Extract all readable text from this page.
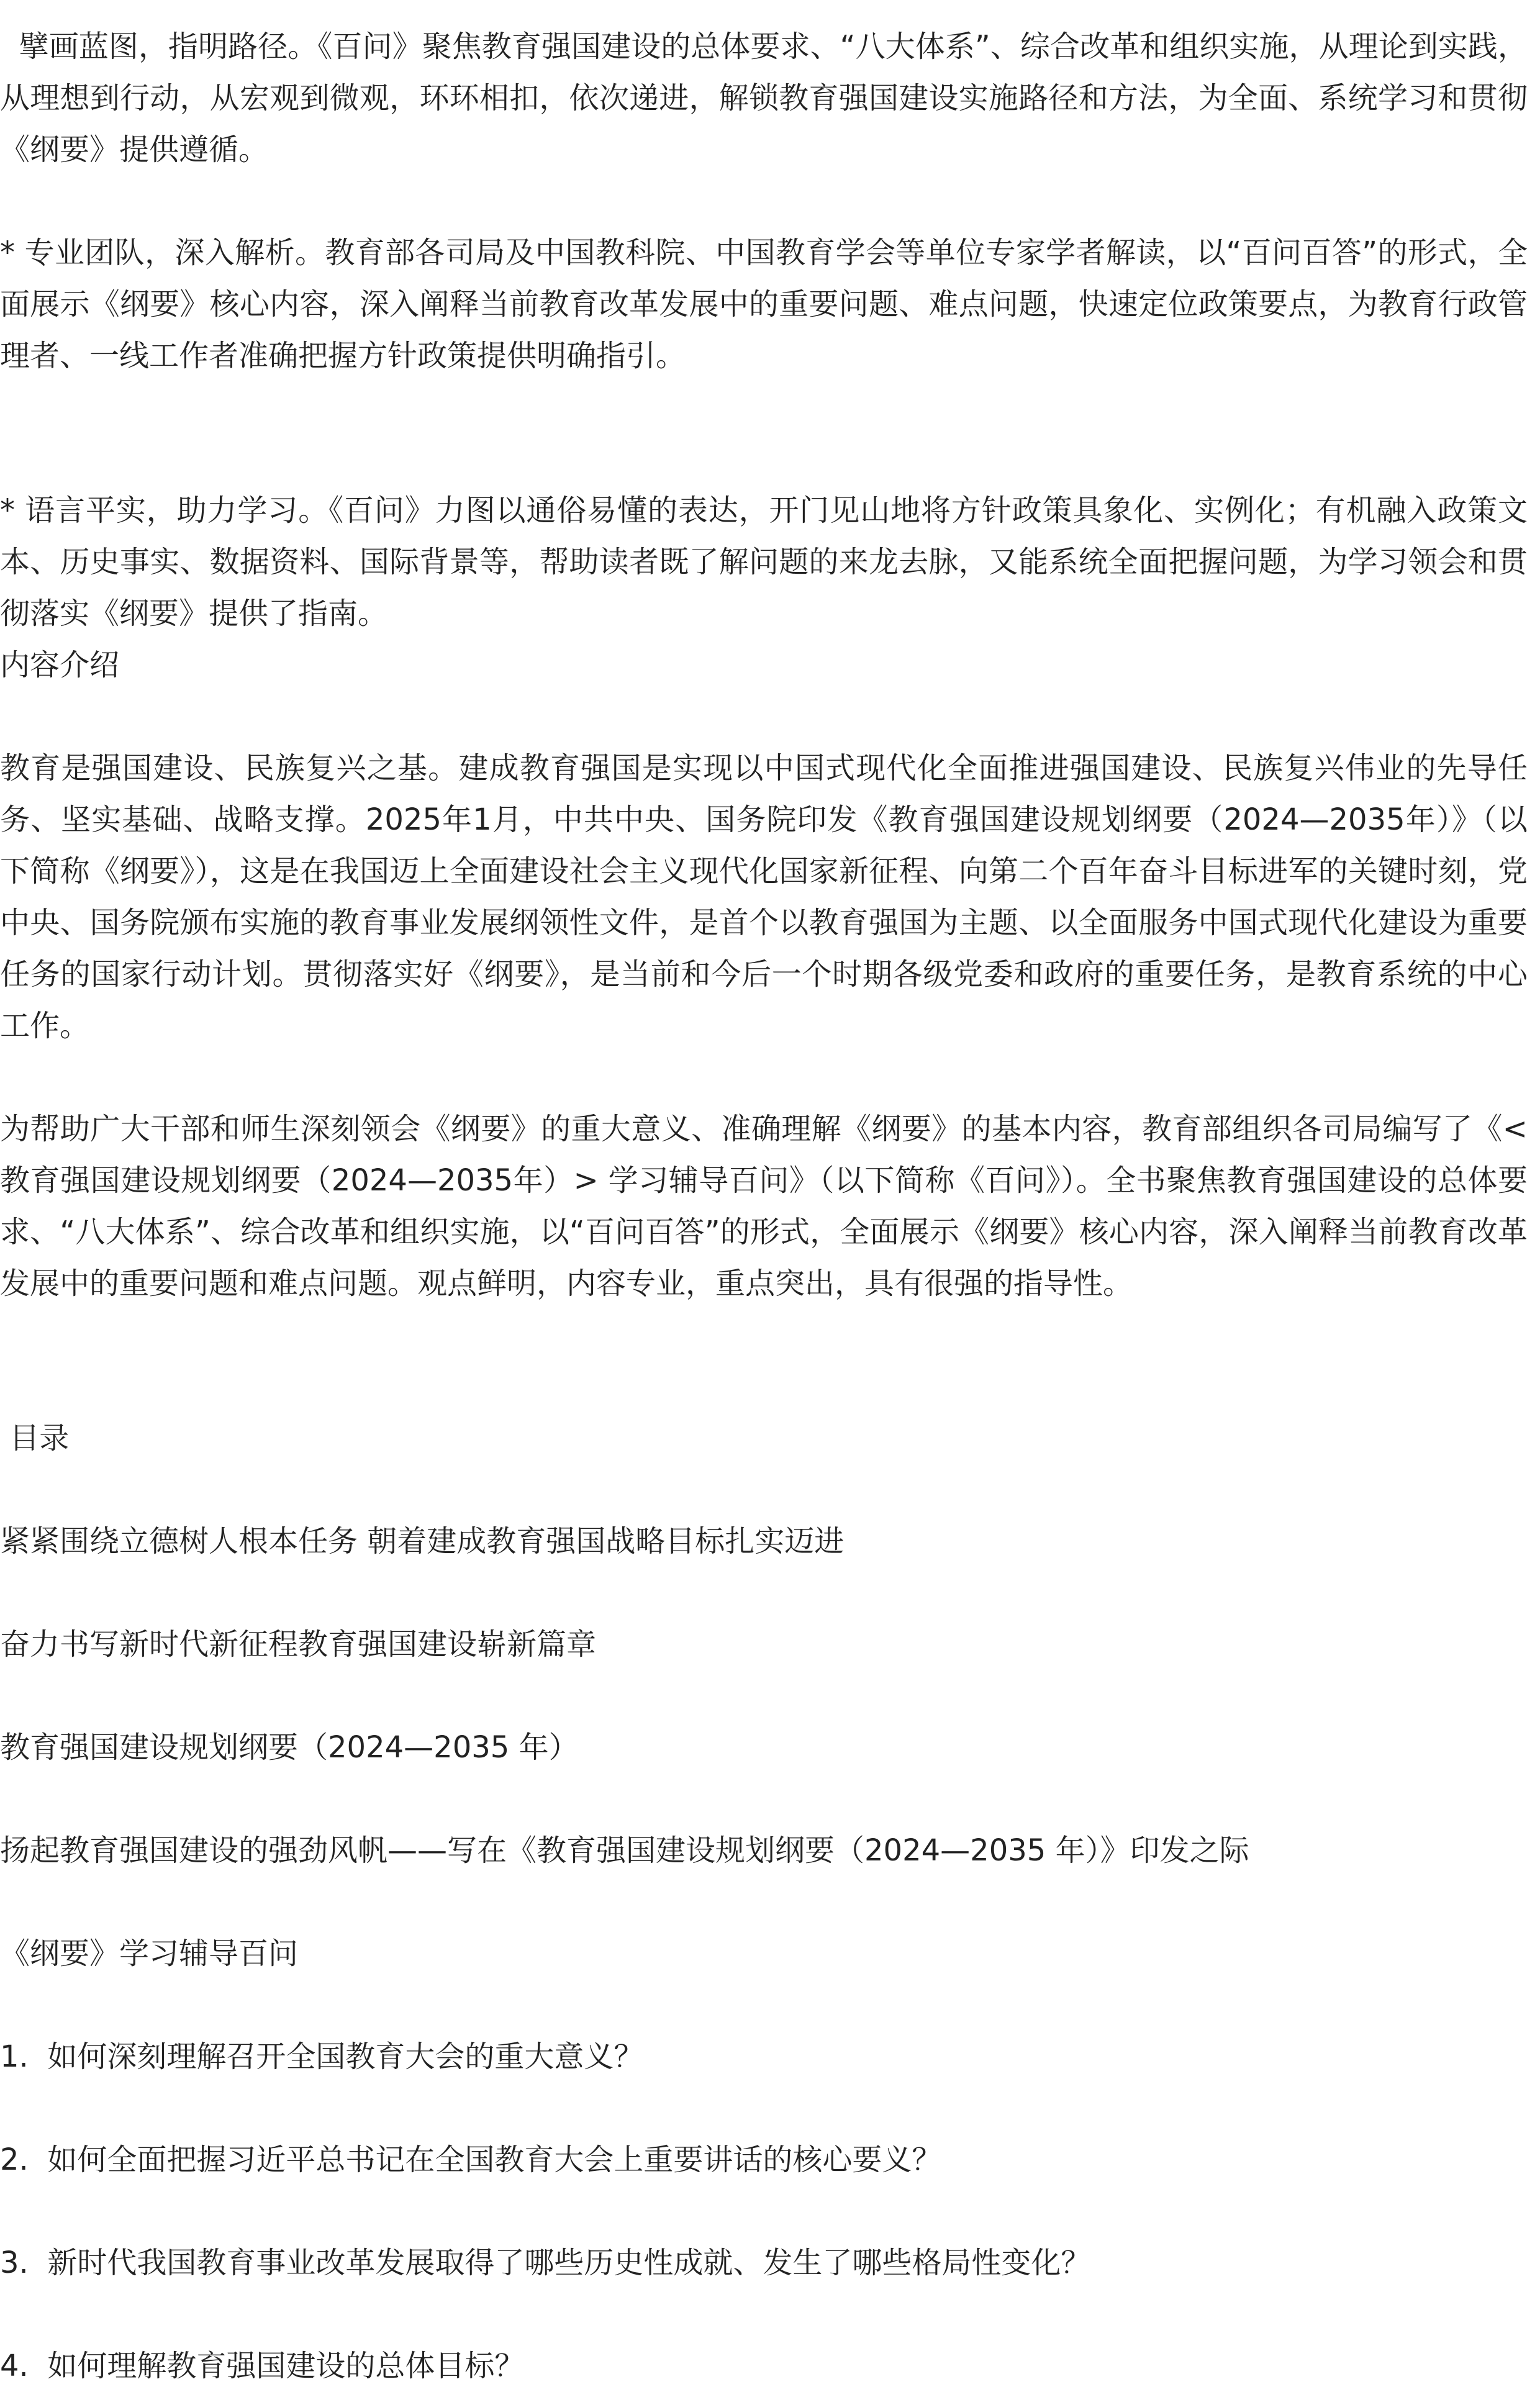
擘画蓝图，指明路径。《百问》聚焦教育强国建设的总体要求、“八大体系”、综合改革和组织实施，从理论到实践，从理想到行动，从宏观到微观，环环相扣，依次递进，解锁教育强国建设实施路径和方法，为全面、系统学习和贯彻《纲要》提供遵循。

* 专业团队，深入解析。教育部各司局及中国教科院、中国教育学会等单位专家学者解读，以“百问百答”的形式，全面展示《纲要》核心内容，深入阐释当前教育改革发展中的重要问题、难点问题，快速定位政策要点，为教育行政管理者、一线工作者准确把握方针政策提供明确指引。

* 语言平实，助力学习。《百问》力图以通俗易懂的表达，开门见山地将方针政策具象化、实例化；有机融入政策文本、历史事实、数据资料、国际背景等，帮助读者既了解问题的来龙去脉，又能系统全面把握问题，为学习领会和贯彻落实《纲要》提供了指南。

内容介绍

教育是强国建设、民族复兴之基。建成教育强国是实现以中国式现代化全面推进强国建设、民族复兴伟业的先导任务、坚实基础、战略支撑。2025年1月，中共中央、国务院印发《教育强国建设规划纲要（2024—2035年）》（以下简称《纲要》），这是在我国迈上全面建设社会主义现代化国家新征程、向第二个百年奋斗目标进军的关键时刻，党中央、国务院颁布实施的教育事业发展纲领性文件，是首个以教育强国为主题、以全面服务中国式现代化建设为重要任务的国家行动计划。贯彻落实好《纲要》，是当前和今后一个时期各级党委和政府的重要任务，是教育系统的中心工作。

为帮助广大干部和师生深刻领会《纲要》的重大意义、准确理解《纲要》的基本内容，教育部组织各司局编写了《<教育强国建设规划纲要（2024—2035年）> 学习辅导百问》（以下简称《百问》）。全书聚焦教育强国建设的总体要求、“八大体系”、综合改革和组织实施，以“百问百答”的形式，全面展示《纲要》核心内容，深入阐释当前教育改革发展中的重要问题和难点问题。观点鲜明，内容专业，重点突出，具有很强的指导性。

目录

紧紧围绕立德树人根本任务 朝着建成教育强国战略目标扎实迈进

奋力书写新时代新征程教育强国建设崭新篇章

教育强国建设规划纲要（2024—2035 年）

扬起教育强国建设的强劲风帆——写在《教育强国建设规划纲要（2024—2035 年）》印发之际

《纲要》学习辅导百问

1.  如何深刻理解召开全国教育大会的重大意义？

2.  如何全面把握习近平总书记在全国教育大会上重要讲话的核心要义？

3.  新时代我国教育事业改革发展取得了哪些历史性成就、发生了哪些格局性变化？

4.  如何理解教育强国建设的总体目标？
